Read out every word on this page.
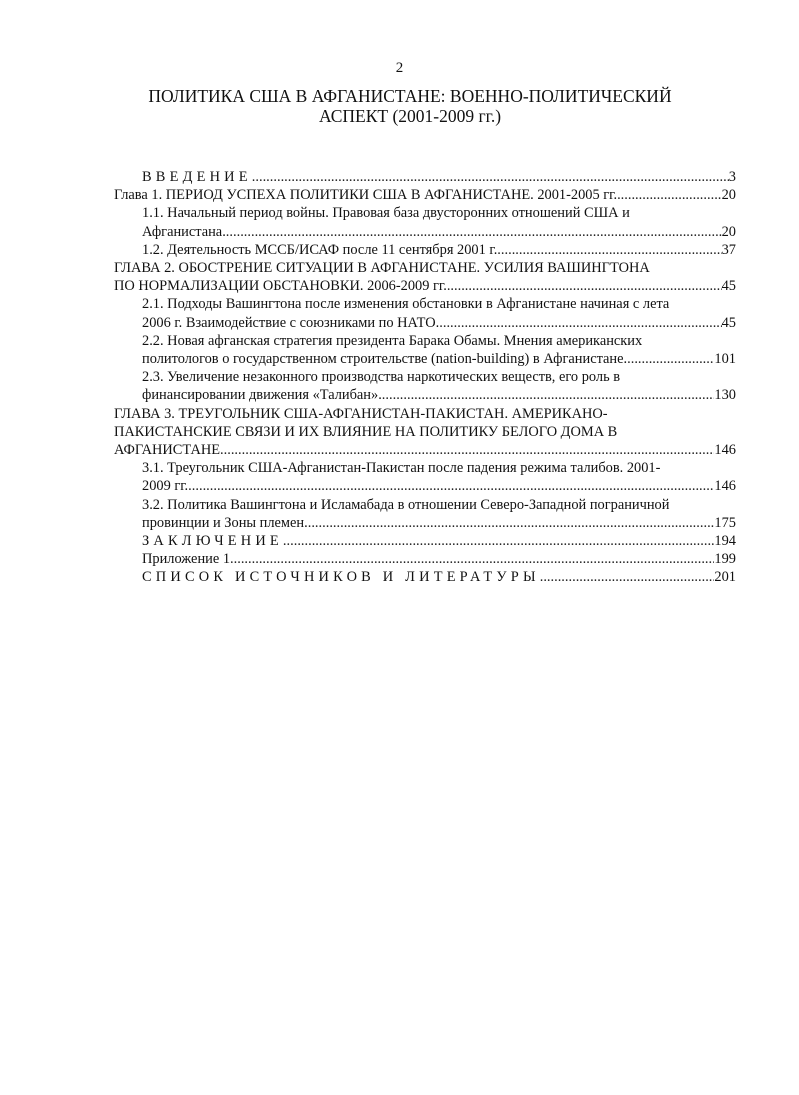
2
ПОЛИТИКА США В АФГАНИСТАНЕ: ВОЕННО-ПОЛИТИЧЕСКИЙ
АСПЕКТ (2001-2009 гг.)
ВВЕДЕНИЕ .....	3
Глава 1. ПЕРИОД УСПЕХА ПОЛИТИКИ США В АФГАНИСТАНЕ. 2001-2005 гг. .....	20
1.1. Начальный период войны. Правовая база двусторонних отношений США и
Афганистана. .....	20
1.2. Деятельность МССБ/ИСАФ после 11 сентября 2001 г. .....	37
ГЛАВА 2. ОБОСТРЕНИЕ СИТУАЦИИ В АФГАНИСТАНЕ. УСИЛИЯ ВАШИНГТОНА
ПО НОРМАЛИЗАЦИИ ОБСТАНОВКИ. 2006-2009 гг. .....	45
2.1. Подходы Вашингтона после изменения обстановки в Афганистане начиная с лета
2006 г. Взаимодействие с союзниками по НАТО. .....	45
2.2. Новая афганская стратегия президента Барака Обамы. Мнения американских
политологов о государственном строительстве (nation-building) в Афганистане. .....	101
2.3. Увеличение незаконного производства наркотических веществ, его роль в
финансировании движения «Талибан». .....	130
ГЛАВА 3. ТРЕУГОЛЬНИК США-АФГАНИСТАН-ПАКИСТАН. АМЕРИКАНО-
ПАКИСТАНСКИЕ СВЯЗИ И ИХ ВЛИЯНИЕ НА ПОЛИТИКУ БЕЛОГО ДОМА В
АФГАНИСТАНЕ .....	146
3.1. Треугольник США-Афганистан-Пакистан после падения режима талибов. 2001-
2009 гг. .....	146
3.2. Политика Вашингтона и Исламабада в отношении Северо-Западной пограничной
провинции и Зоны племен. .....	175
ЗАКЛЮЧЕНИЕ .....	194
Приложение 1 .....	199
СПИСОК ИСТОЧНИКОВ И ЛИТЕРАТУРЫ .....	201
